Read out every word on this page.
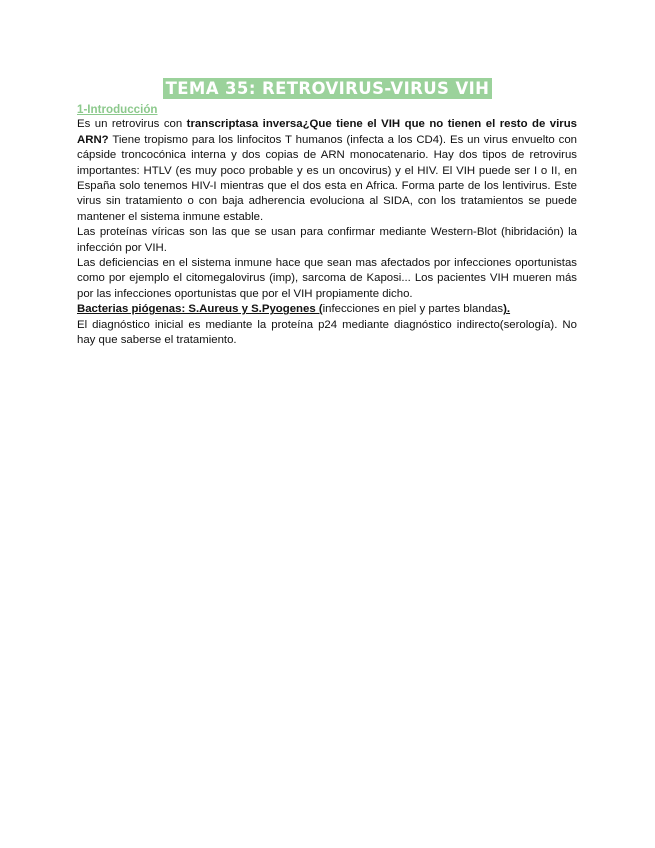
TEMA 35: RETROVIRUS-VIRUS VIH

1-Introducción

Es un retrovirus con transcriptasa inversa¿Que tiene el VIH que no tienen el resto de virus ARN? Tiene tropismo para los linfocitos T humanos (infecta a los CD4). Es un virus envuelto con cápside troncocónica interna y dos copias de ARN monocatenario. Hay dos tipos de retrovirus importantes: HTLV (es muy poco probable y es un oncovirus) y el HIV. El VIH puede ser I o II, en España solo tenemos HIV-I mientras que el dos esta en Africa. Forma parte de los lentivirus. Este virus sin tratamiento o con baja adherencia evoluciona al SIDA, con los tratamientos se puede mantener el sistema inmune estable.

Las proteínas víricas son las que se usan para confirmar mediante Western-Blot (hibridación) la infección por VIH.

Las deficiencias en el sistema inmune hace que sean mas afectados por infecciones oportunistas como por ejemplo el citomegalovirus (imp), sarcoma de Kaposi... Los pacientes VIH mueren más por las infecciones oportunistas que por el VIH propiamente dicho.

Bacterias piógenas: S.Aureus y S.Pyogenes (infecciones en piel y partes blandas).

El diagnóstico inicial es mediante la proteína p24 mediante diagnóstico indirecto(serología). No hay que saberse el tratamiento.
